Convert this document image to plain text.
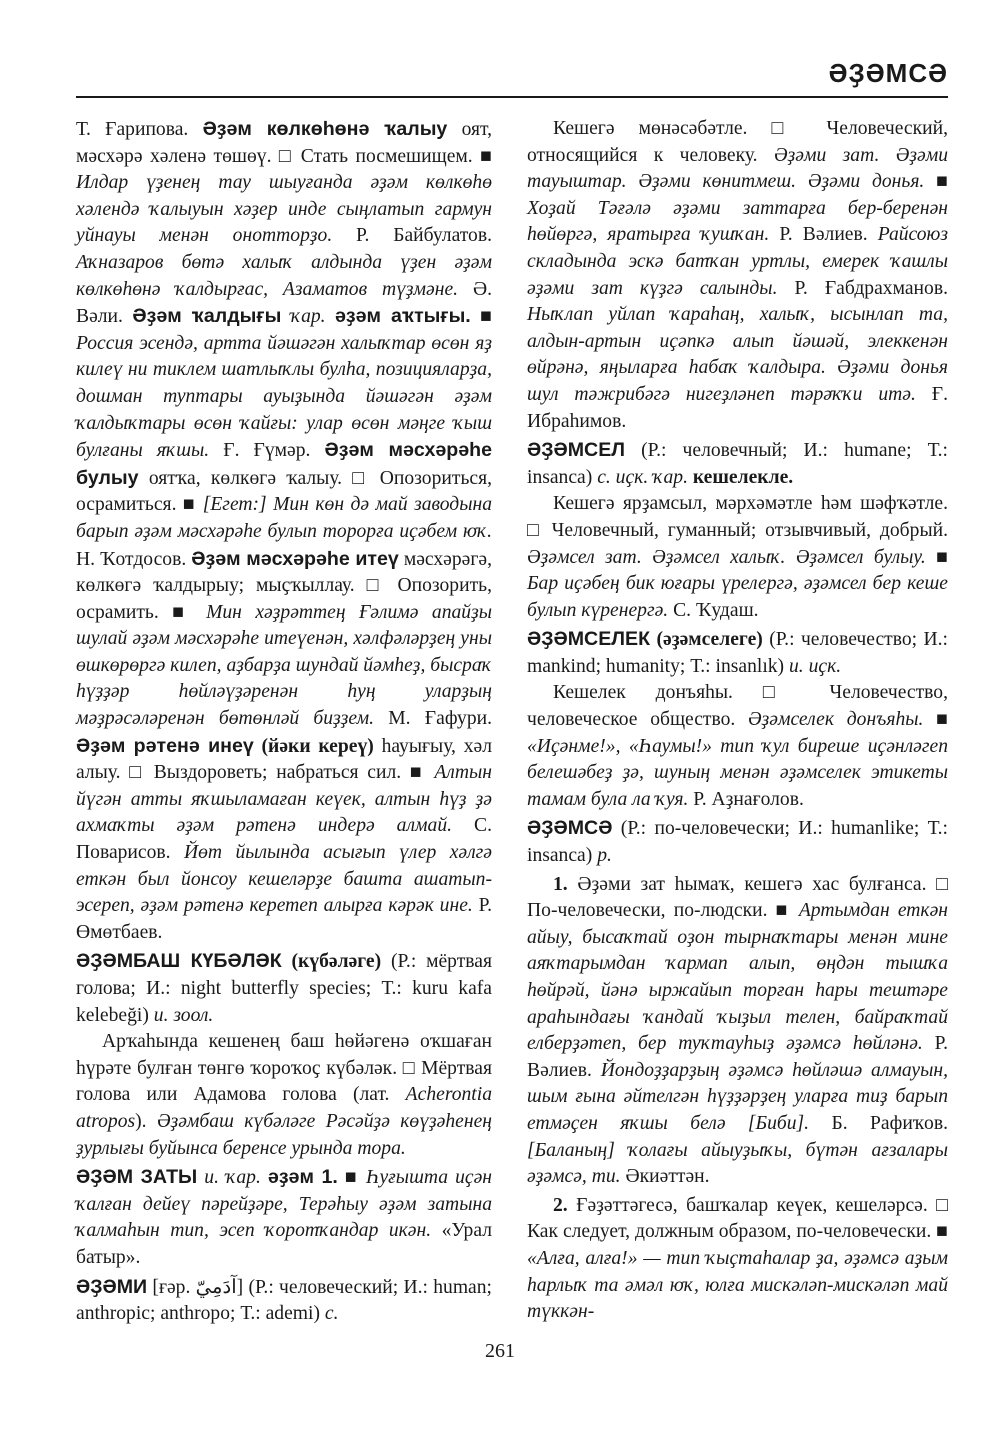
ӘҘӘМСӘ

Т. Ғарипова. Әҙәм көлкөһөнә ҡалыу оят, мәсхәрә хәленә төшөү. □ Стать посмешищем. ■ Илдар үҙенең тау шыуғанда әҙәм көлкөһө хәлендә ҡалыуын хәҙер инде сыңлатып гармун уйнауы менән онотторҙо. Р. Байбулатов. Аҡназаров бөтә халыҡ алдында үҙен әҙәм көлкөһөнә ҡалдырғас, Азаматов түҙмәне. Ә. Вәли. Әҙәм ҡалдығы ҡар. әҙәм аҡтығы. ■ Россия эсендә, артта йәшәгән халыҡтар өсөн яҙ килеү ни тиклем шатлыҡлы булһа, позицияларҙа, дошман туптары ауыҙында йәшәгән әҙәм ҡалдыҡтары өсөн ҡайғы: улар өсөн мәңге ҡыш булғаны яҡшы. Ғ. Ғүмәр. Әҙәм мәсхәрәһе булыу оятҡа, көлкөгә ҡалыу. □ Опозориться, осрамиться. ■ [Егет:] Мин көн дә май заводына барып әҙәм мәсхәрәһе булып торорға иҫәбем юҡ. Н. Ҡотдосов. Әҙәм мәсхәрәһе итеү мәсхәрәгә, көлкөгә ҡалдырыу; мыҫҡыллау. □ Опозорить, осрамить. ■ Мин хәҙрәттең Ғәлимә апайҙы шулай әҙәм мәсхәрәһе итеүенән, хәлфәләрҙең уны өшкөрөргә килеп, аҙбарҙа шундай йәмһеҙ, бысраҡ һүҙҙәр һөйләүҙәренән һуң уларҙың мәҙрәсәләренән бөтөнләй биҙҙем. М. Ғафури. Әҙәм рәтенә инеү (йәки кереү) һауығыу, хәл алыу. □ Выздороветь; набраться сил. ■ Алтын йүгән атты яҡшыламаған кеүек, алтын һүҙ ҙә ахмаҡты әҙәм рәтенә индерә алмай. С. Поварисов. Йөт йылында асығып үлер хәлгә еткән был йонсоу кешеләрҙе башта ашатып-эсереп, әҙәм рәтенә керетеп алырға кәрәк ине. Р. Өмөтбаев.

ӘҘӘМБАШ КҮБӘЛӘК (күбәләге) (Р.: мёртвая голова; И.: night butterfly species; Т.: kuru kafa kelebeği) и. зоол.

Арҡаһында кешенең баш һөйәгенә оҡшаған һүрәте булған төнгө ҡороҡоҫ күбәләк. □ Мёртвая голова или Адамова голова (лат. Acherontia atropos). Әҙәмбаш күбәләге Рәсәйҙә көүҙәһенең ҙурлығы буйынса беренсе урында тора.

ӘҘӘМ ЗАТЫ и. ҡар. әҙәм 1. ■ Һуғышта иҫән ҡалған дейеү пәрейҙәре, Терәһыу әҙәм затына ҡалмаһын тип, эсеп ҡоротҡандар икән. «Урал батыр».

ӘҘӘМИ [ғәр. آدَمِيّ] (Р.: человеческий; И.: human; anthropic; anthropo; Т.: ademi) с.

Кешегә мөнәсәбәтле. □ Человеческий, относящийся к человеку. Әҙәми зат. Әҙәми тауыштар. Әҙәми көнитмеш. Әҙәми донья. ■ Хоҙай Тәғәлә әҙәми заттарға бер-беренән һөйөргә, яратырға ҡушҡан. Р. Вәлиев. Райсоюз складында эскә батҡан уртлы, емерек ҡашлы әҙәми зат күҙгә салынды. Р. Ғабдрахманов. Ныҡлап уйлап ҡараһаң, халыҡ, ысынлап та, алдын-артын иҫәпкә алып йәшәй, элеккенән өйрәнә, яңыларға һабаҡ ҡалдыра. Әҙәми донья шул тәжрибәгә нигеҙләнеп тәрәҡҡи итә. Ғ. Ибраһимов.

ӘҘӘМСЕЛ (Р.: человечный; И.: humane; Т.: insanca) с. иҫк. ҡар. кешелекле.

Кешегә ярҙамсыл, мәрхәмәтле һәм шәфҡәтле. □ Человечный, гуманный; отзывчивый, добрый. Әҙәмсел зат. Әҙәмсел халыҡ. Әҙәмсел булыу. ■ Бар иҫәбең бик юғары үрелергә, әҙәмсел бер кеше булып күренергә. С. Ҡудаш.

ӘҘӘМСЕЛЕК (әҙәмселеге) (Р.: человечество; И.: mankind; humanity; Т.: insanlık) и. иҫк.

Кешелек донъяһы. □ Человечество, человеческое общество. Әҙәмселек донъяһы. ■ «Иҫәнме!», «Һаумы!» тип ҡул биреше иҫәнләгеп белешәбеҙ ҙә, шуның менән әҙәмселек этикеты тамам була ла ҡуя. Р. Аҙнағолов.

ӘҘӘМСӘ (Р.: по-человечески; И.: humanlike; Т.: insanca) р.

1. Әҙәми зат һымаҡ, кешегә хас булғанса. □ По-человечески, по-людски. ■ Артымдан еткән айыу, бысаҡтай оҙон тырнаҡтары менән мине аяҡтарымдан ҡармап алып, өңдән тышҡа һөйрәй, йәнә ыржайып торған һары тештәре араһындағы ҡандай ҡыҙыл телен, байраҡтай елберҙәтеп, бер туҡтауһыҙ әҙәмсә һөйләнә. Р. Вәлиев. Йондоҙҙарҙың әҙәмсә һөйләшә алмауын, шым ғына әйтелгән һүҙҙәрҙең уларға тиҙ барып етмәҫен яҡшы белә [Биби]. Б. Рафиҡов. [Баланың] ҡолағы айыуҙыҡы, бүтән ағзалары әҙәмсә, ти. Әкиәттән.

2. Ғәҙәттәгесә, башҡалар кеүек, кешеләрсә. □ Как следует, должным образом, по-человечески. ■ «Алға, алға!» — тип ҡыҫтаһалар ҙа, әҙәмсә аҙым һарлыҡ та әмәл юҡ, юлға мискәләп-мискәләп май түккән-

261
